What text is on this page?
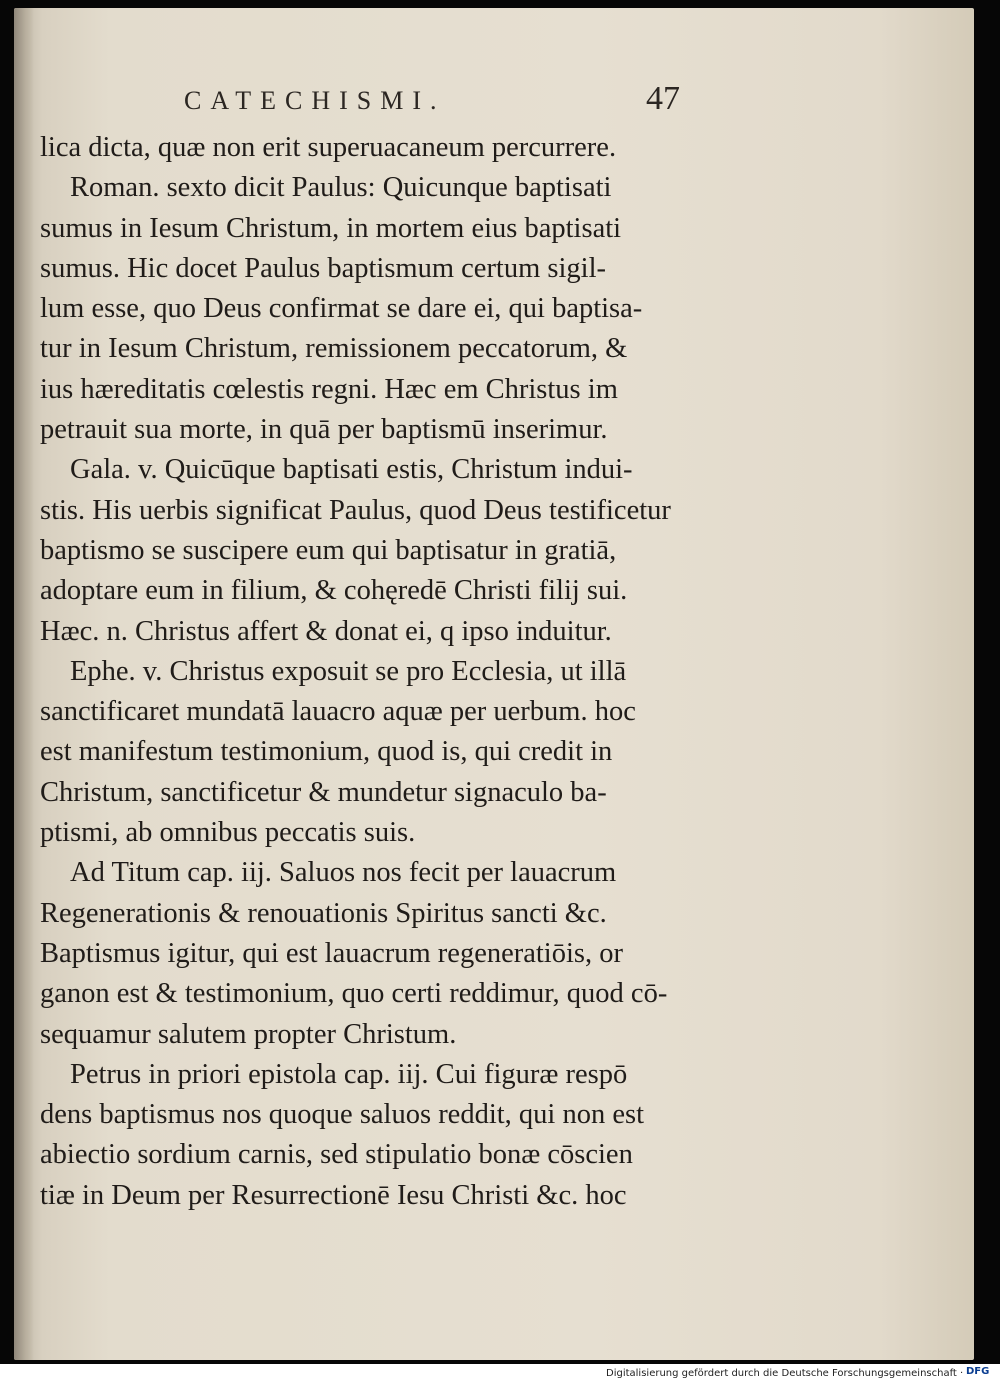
CATECHISMI.	47
lica dicta, quæ non erit superuacaneum percurrere.
Roman. sexto dicit Paulus: Quicunque baptisati
sumus in Iesum Christum, in mortem eius baptisati
sumus. Hic docet Paulus baptismum certum sigil-
lum esse, quo Deus confirmat se dare ei, qui baptisa-
tur in Iesum Christum, remissionem peccatorum, &
ius hæreditatis cœlestis regni. Hæc em Christus im
petrauit sua morte, in quā per baptismū inserimur.
Gala. v. Quicūque baptisati estis, Christum indui-
stis. His uerbis significat Paulus, quod Deus testificetur
baptismo se suscipere eum qui baptisatur in gratiā,
adoptare eum in filium, & cohęredē Christi filij sui.
Hæc. n. Christus affert & donat ei, q ipso induitur.
Ephe. v. Christus exposuit se pro Ecclesia, ut illā
sanctificaret mundatā lauacro aquæ per uerbum. hoc
est manifestum testimonium, quod is, qui credit in
Christum, sanctificetur & mundetur signaculo ba-
ptismi, ab omnibus peccatis suis.
Ad Titum cap. iij. Saluos nos fecit per lauacrum
Regenerationis & renouationis Spiritus sancti &c.
Baptismus igitur, qui est lauacrum regeneratiōis, or
ganon est & testimonium, quo certi reddimur, quod cō-
sequamur salutem propter Christum.
Petrus in priori epistola cap. iij. Cui figuræ respō
dens baptismus nos quoque saluos reddit, qui non est
abiectio sordium carnis, sed stipulatio bonæ cōscien
tiæ in Deum per Resurrectionē Iesu Christi &c. hoc
Digitalisierung gefördert durch die Deutsche Forschungsgemeinschaft · DFG
